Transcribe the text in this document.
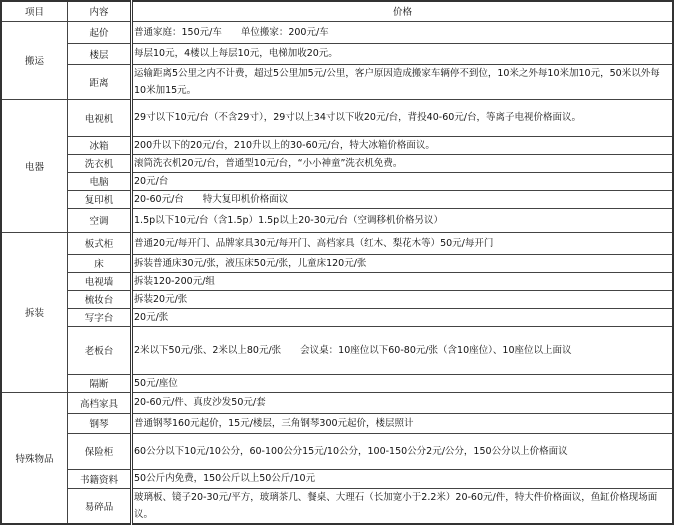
项目	内容	价格
搬运	起价	普通家庭：150元/车　　单位搬家：200元/车
	楼层	每层10元，4楼以上每层10元，电梯加收20元。
	距离	运输距离5公里之内不计费，超过5公里加5元/公里，客户原因造成搬家车辆停不到位，10米之外每10米加10元，50米以外每10米加15元。
电器	电视机	29寸以下10元/台（不含29寸），29寸以上34寸以下收20元/台，背投40-60元/台，等离子电视价格面议。
	冰箱	200升以下的20元/台，210升以上的30-60元/台，特大冰箱价格面议。
	洗衣机	滚筒洗衣机20元/台，普通型10元/台，“小小神童”洗衣机免费。
	电脑	20元/台
	复印机	20-60元/台　　特大复印机价格面议
	空调	1.5p以下10元/台（含1.5p）1.5p以上20-30元/台（空调移机价格另议）
拆装	板式柜	普通20元/每开门、品牌家具30元/每开门、高档家具（红木、梨花木等）50元/每开门
	床	拆装普通床30元/张，液压床50元/张，儿童床120元/张
	电视墙	拆装120-200元/组
	梳妆台	拆装20元/张
	写字台	20元/张
	老板台	2米以下50元/张、2米以上80元/张　　会议桌：10座位以下60-80元/张（含10座位）、10座位以上面议
	隔断	50元/座位
特殊物品	高档家具	20-60元/件、真皮沙发50元/套
	钢琴	普通钢琴160元起价，15元/楼层，三角钢琴300元起价，楼层照计
	保险柜	60公分以下10元/10公分，60-100公分15元/10公分，100-150公分2元/公分，150公分以上价格面议
	书籍资料	50公斤内免费，150公斤以上50公斤/10元
	易碎品	玻璃板、镜子20-30元/平方，玻璃茶几、餐桌、大理石（长加宽小于2.2米）20-60元/件，特大件价格面议，鱼缸价格现场面议。
